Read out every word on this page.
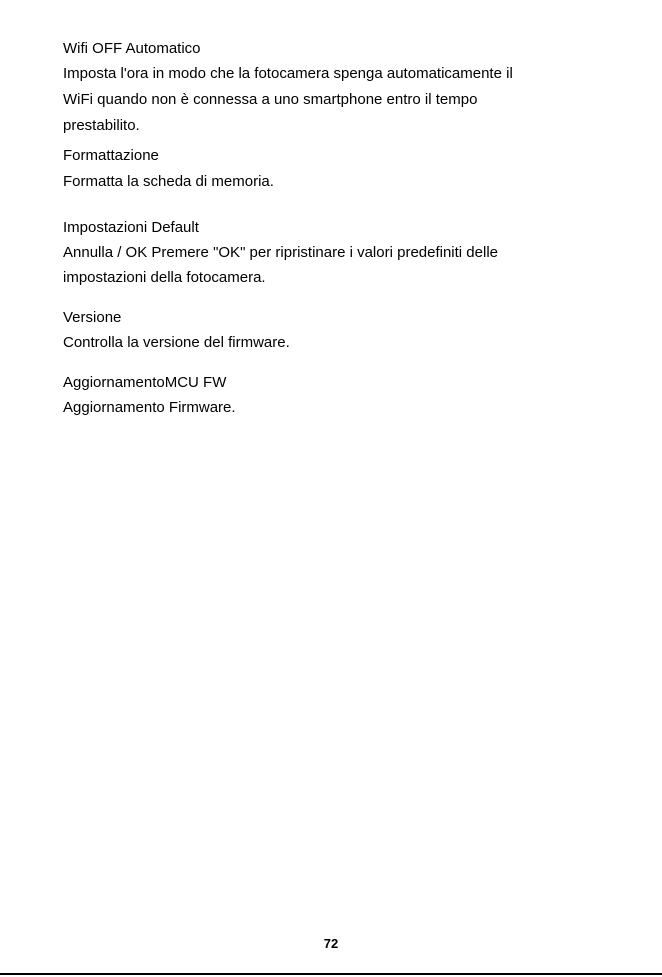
Wifi OFF Automatico
Imposta l'ora in modo che la fotocamera spenga automaticamente il
WiFi quando non è connessa a uno smartphone entro il tempo
prestabilito.
Formattazione
Formatta la scheda di memoria.
Impostazioni Default
Annulla / OK Premere "OK" per ripristinare i valori predefiniti delle
impostazioni della fotocamera.
Versione
Controlla la versione del firmware.
AggiornamentoMCU FW
Aggiornamento Firmware.
72
